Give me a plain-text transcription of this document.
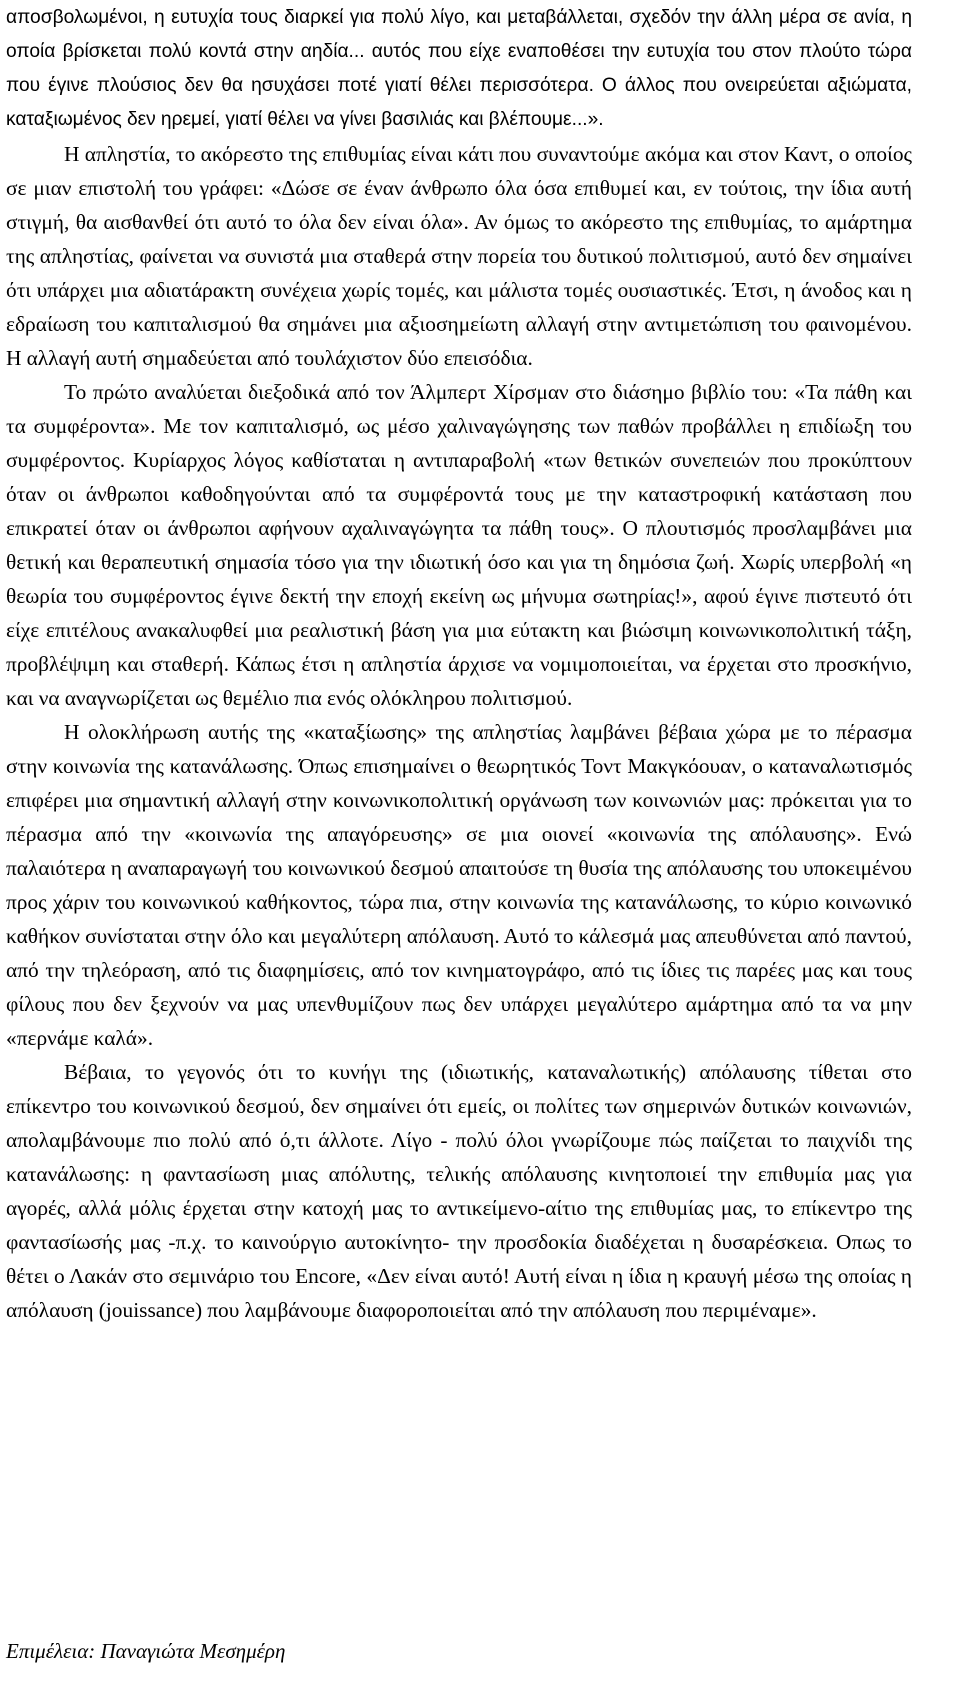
αποσβολωμένοι, η ευτυχία τους διαρκεί για πολύ λίγο, και μεταβάλλεται, σχεδόν την άλλη μέρα σε ανία, η οποία βρίσκεται πολύ κοντά στην αηδία... αυτός που είχε εναποθέσει την ευτυχία του στον πλούτο τώρα που έγινε πλούσιος δεν θα ησυχάσει ποτέ γιατί θέλει περισσότερα. Ο άλλος που ονειρεύεται αξιώματα, καταξιωμένος δεν ηρεμεί, γιατί θέλει να γίνει βασιλιάς και βλέπουμε...».

Η απληστία, το ακόρεστο της επιθυμίας είναι κάτι που συναντούμε ακόμα και στον Καντ, ο οποίος σε μιαν επιστολή του γράφει: «Δώσε σε έναν άνθρωπο όλα όσα επιθυμεί και, εν τούτοις, την ίδια αυτή στιγμή, θα αισθανθεί ότι αυτό το όλα δεν είναι όλα». Αν όμως το ακόρεστο της επιθυμίας, το αμάρτημα της απληστίας, φαίνεται να συνιστά μια σταθερά στην πορεία του δυτικού πολιτισμού, αυτό δεν σημαίνει ότι υπάρχει μια αδιατάρακτη συνέχεια χωρίς τομές, και μάλιστα τομές ουσιαστικές. Έτσι, η άνοδος και η εδραίωση του καπιταλισμού θα σημάνει μια αξιοσημείωτη αλλαγή στην αντιμετώπιση του φαινομένου. Η αλλαγή αυτή σημαδεύεται από τουλάχιστον δύο επεισόδια.

Το πρώτο αναλύεται διεξοδικά από τον Άλμπερτ Χίρσμαν στο διάσημο βιβλίο του: «Τα πάθη και τα συμφέροντα». Με τον καπιταλισμό, ως μέσο χαλιναγώγησης των παθών προβάλλει η επιδίωξη του συμφέροντος. Κυρίαρχος λόγος καθίσταται η αντιπαραβολή «των θετικών συνεπειών που προκύπτουν όταν οι άνθρωποι καθοδηγούνται από τα συμφέροντά τους με την καταστροφική κατάσταση που επικρατεί όταν οι άνθρωποι αφήνουν αχαλιναγώγητα τα πάθη τους». Ο πλουτισμός προσλαμβάνει μια θετική και θεραπευτική σημασία τόσο για την ιδιωτική όσο και για τη δημόσια ζωή. Χωρίς υπερβολή «η θεωρία του συμφέροντος έγινε δεκτή την εποχή εκείνη ως μήνυμα σωτηρίας!», αφού έγινε πιστευτό ότι είχε επιτέλους ανακαλυφθεί μια ρεαλιστική βάση για μια εύτακτη και βιώσιμη κοινωνικοπολιτική τάξη, προβλέψιμη και σταθερή. Κάπως έτσι η απληστία άρχισε να νομιμοποιείται, να έρχεται στο προσκήνιο, και να αναγνωρίζεται ως θεμέλιο πια ενός ολόκληρου πολιτισμού.

Η ολοκλήρωση αυτής της «καταξίωσης» της απληστίας λαμβάνει βέβαια χώρα με το πέρασμα στην κοινωνία της κατανάλωσης. Όπως επισημαίνει ο θεωρητικός Τοντ Μακγκόουαν, ο καταναλωτισμός επιφέρει μια σημαντική αλλαγή στην κοινωνικοπολιτική οργάνωση των κοινωνιών μας: πρόκειται για το πέρασμα από την «κοινωνία της απαγόρευσης» σε μια οιονεί «κοινωνία της απόλαυσης». Ενώ παλαιότερα η αναπαραγωγή του κοινωνικού δεσμού απαιτούσε τη θυσία της απόλαυσης του υποκειμένου προς χάριν του κοινωνικού καθήκοντος, τώρα πια, στην κοινωνία της κατανάλωσης, το κύριο κοινωνικό καθήκον συνίσταται στην όλο και μεγαλύτερη απόλαυση. Αυτό το κάλεσμά μας απευθύνεται από παντού, από την τηλεόραση, από τις διαφημίσεις, από τον κινηματογράφο, από τις ίδιες τις παρέες μας και τους φίλους που δεν ξεχνούν να μας υπενθυμίζουν πως δεν υπάρχει μεγαλύτερο αμάρτημα από τα να μην «περνάμε καλά».

Βέβαια, το γεγονός ότι το κυνήγι της (ιδιωτικής, καταναλωτικής) απόλαυσης τίθεται στο επίκεντρο του κοινωνικού δεσμού, δεν σημαίνει ότι εμείς, οι πολίτες των σημερινών δυτικών κοινωνιών, απολαμβάνουμε πιο πολύ από ό,τι άλλοτε. Λίγο - πολύ όλοι γνωρίζουμε πώς παίζεται το παιχνίδι της κατανάλωσης: η φαντασίωση μιας απόλυτης, τελικής απόλαυσης κινητοποιεί την επιθυμία μας για αγορές, αλλά μόλις έρχεται στην κατοχή μας το αντικείμενο-αίτιο της επιθυμίας μας, το επίκεντρο της φαντασίωσής μας -π.χ. το καινούργιο αυτοκίνητο- την προσδοκία διαδέχεται η δυσαρέσκεια. Οπως το θέτει ο Λακάν στο σεμινάριο του Encore, «Δεν είναι αυτό! Αυτή είναι η ίδια η κραυγή μέσω της οποίας η απόλαυση (jouissance) που λαμβάνουμε διαφοροποιείται από την απόλαυση που περιμέναμε».

Επιμέλεια: Παναγιώτα Μεσημέρη
